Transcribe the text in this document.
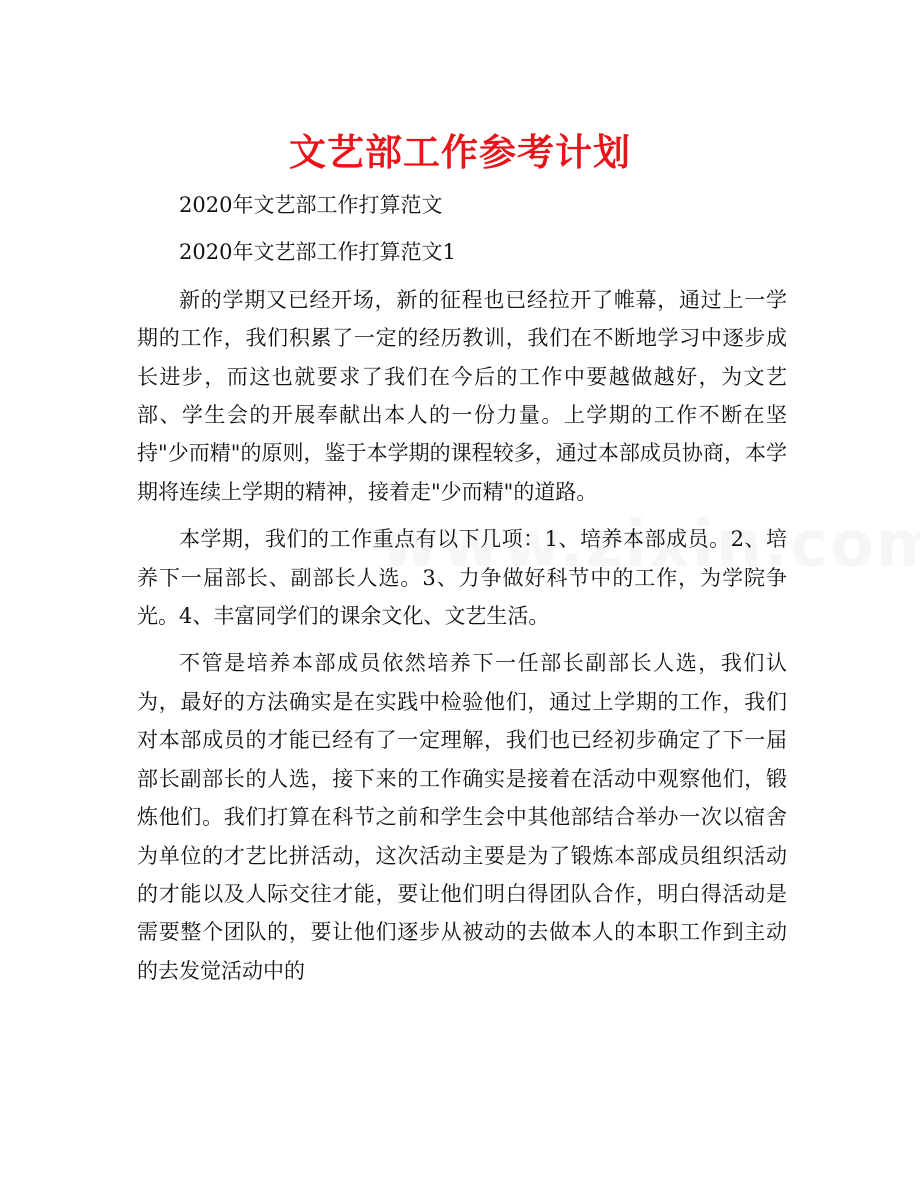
文艺部工作参考计划

2020年文艺部工作打算范文

2020年文艺部工作打算范文1

新的学期又已经开场，新的征程也已经拉开了帷幕，通过上一学期的工作，我们积累了一定的经历教训，我们在不断地学习中逐步成长进步，而这也就要求了我们在今后的工作中要越做越好，为文艺部、学生会的开展奉献出本人的一份力量。上学期的工作不断在坚持"少而精"的原则，鉴于本学期的课程较多，通过本部成员协商，本学期将连续上学期的精神，接着走"少而精"的道路。

本学期，我们的工作重点有以下几项：1、培养本部成员。2、培养下一届部长、副部长人选。3、力争做好科节中的工作，为学院争光。4、丰富同学们的课余文化、文艺生活。

不管是培养本部成员依然培养下一任部长副部长人选，我们认为，最好的方法确实是在实践中检验他们，通过上学期的工作，我们对本部成员的才能已经有了一定理解，我们也已经初步确定了下一届部长副部长的人选，接下来的工作确实是接着在活动中观察他们，锻炼他们。我们打算在科节之前和学生会中其他部结合举办一次以宿舍为单位的才艺比拼活动，这次活动主要是为了锻炼本部成员组织活动的才能以及人际交往才能，要让他们明白得团队合作，明白得活动是需要整个团队的，要让他们逐步从被动的去做本人的本职工作到主动的去发觉活动中的
